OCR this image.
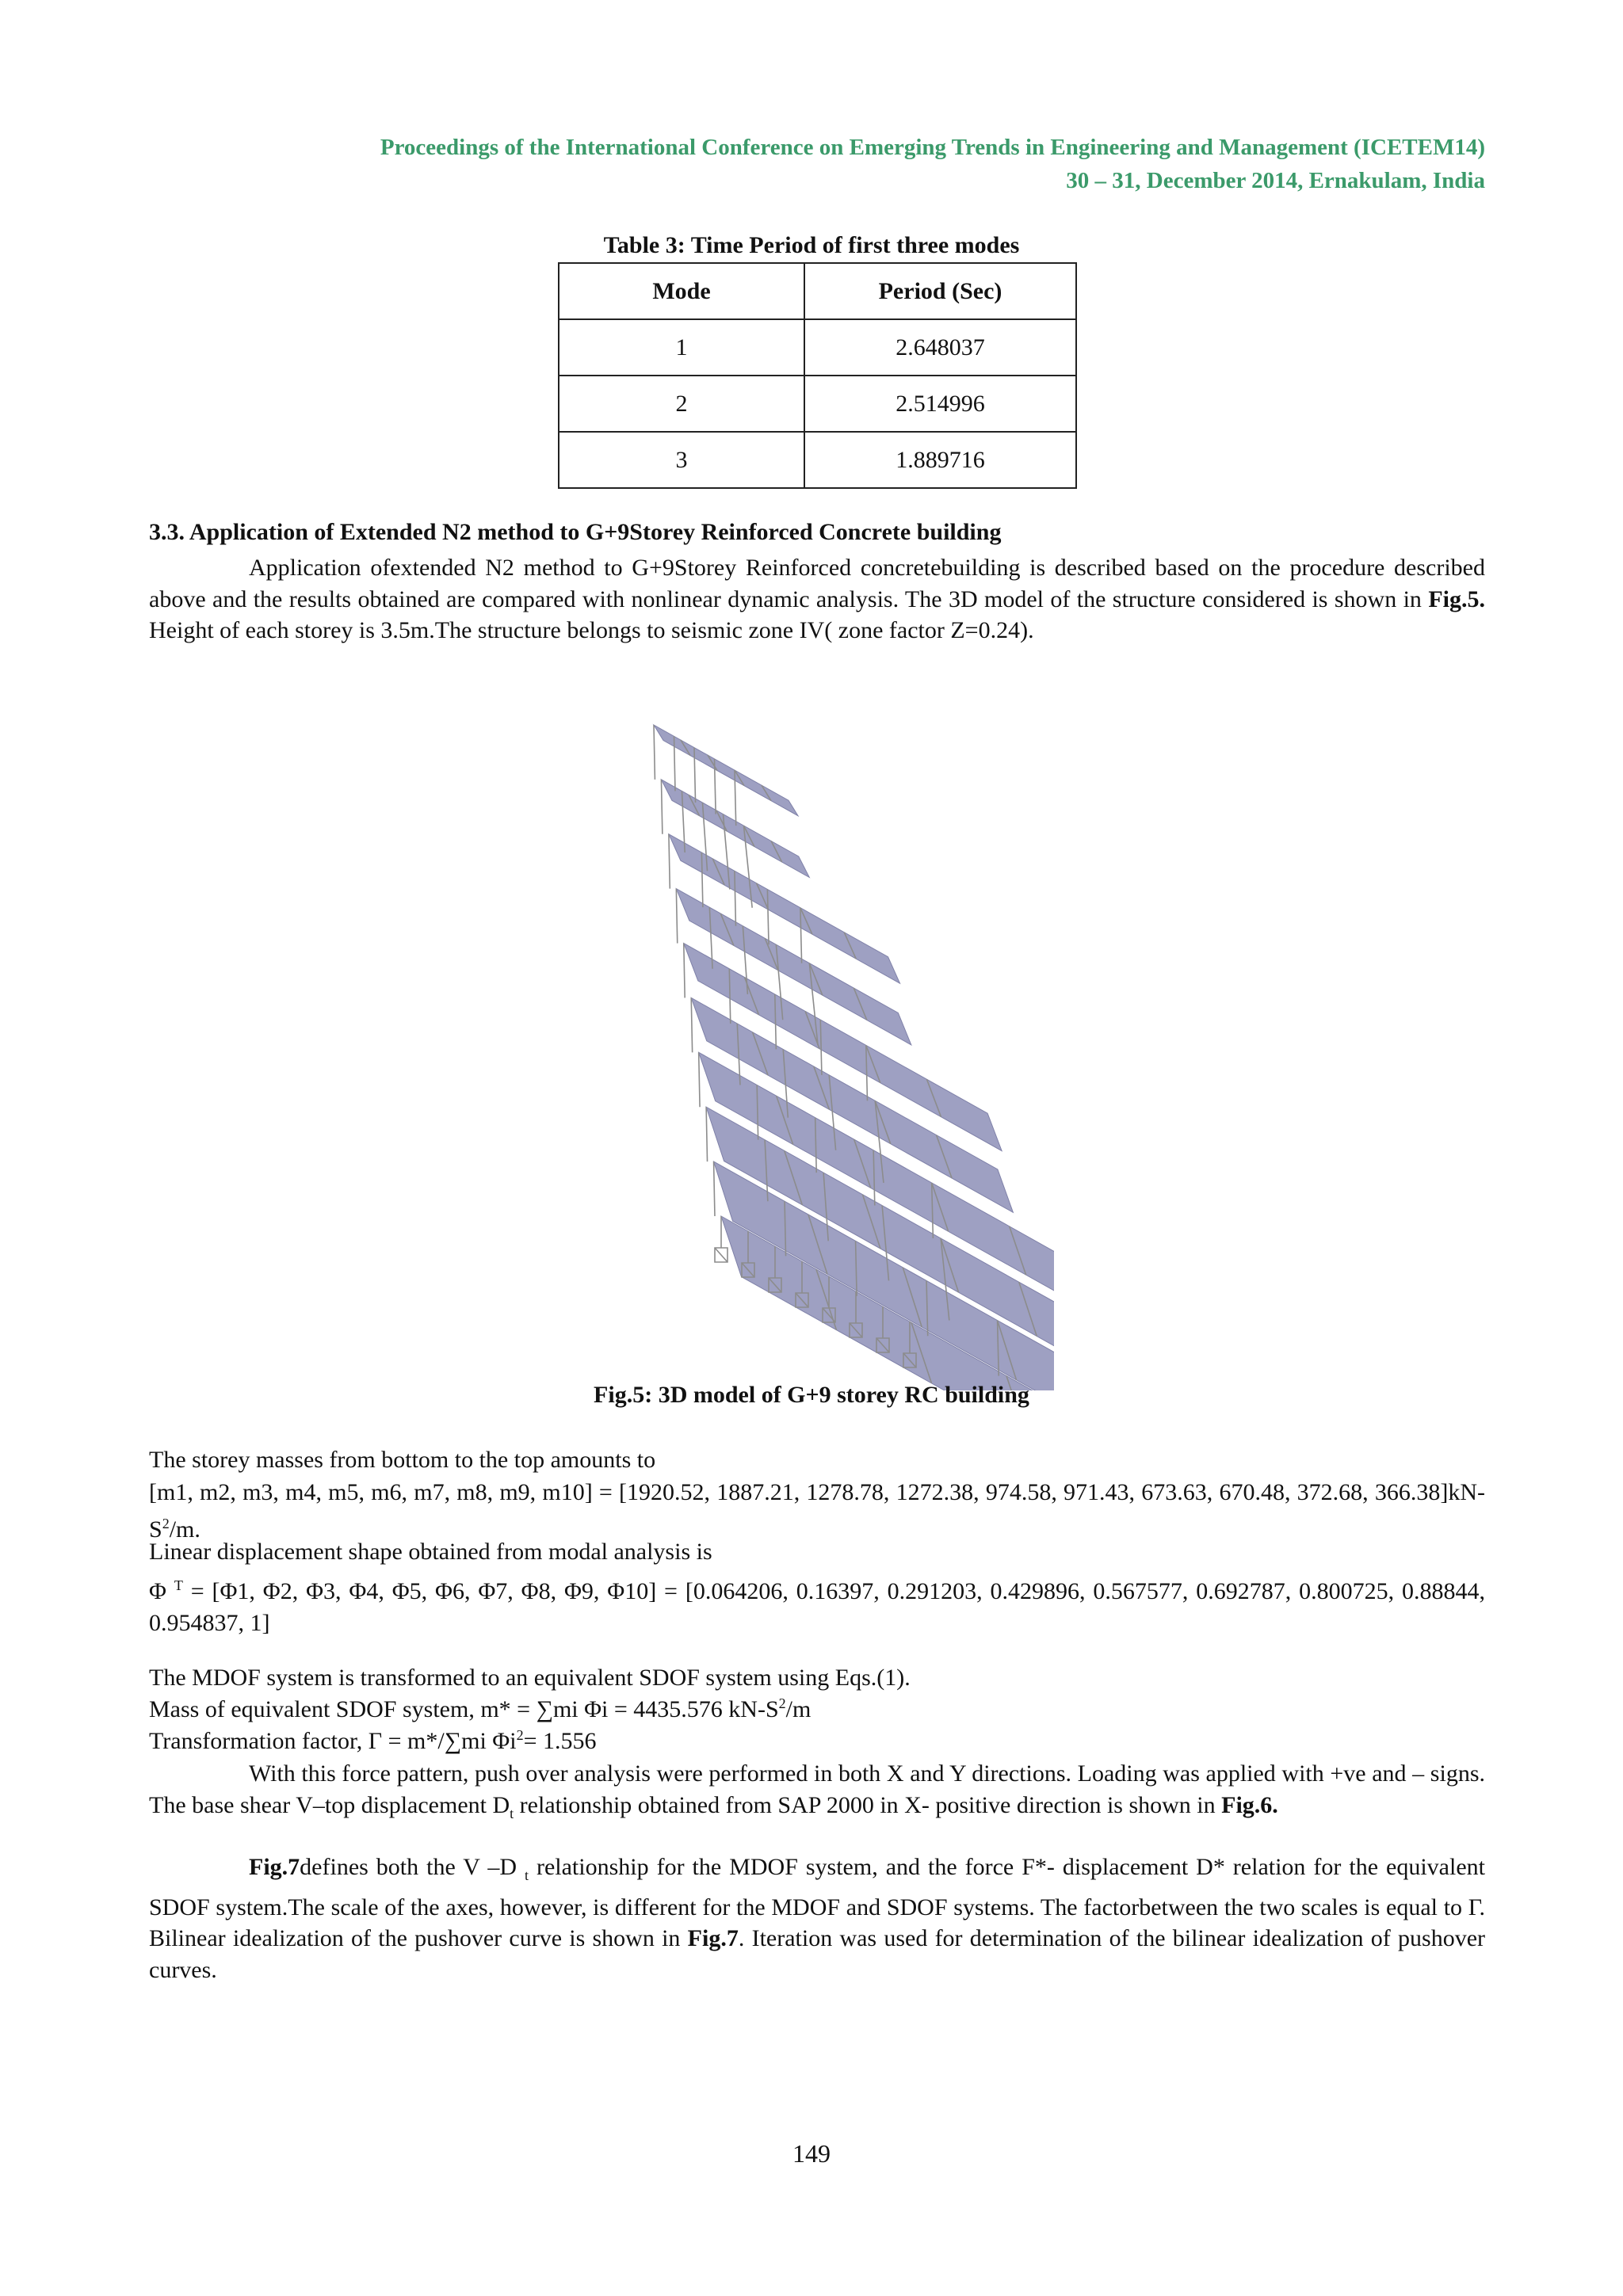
Proceedings of the International Conference on Emerging Trends in Engineering and Management (ICETEM14)
30 – 31, December 2014, Ernakulam, India
Table 3: Time Period of first three modes
Mode	Period (Sec)
1	2.648037
2	2.514996
3	1.889716
3.3. Application of Extended N2 method to G+9Storey Reinforced Concrete building
Application ofextended N2 method to G+9Storey Reinforced concretebuilding is described based on the procedure described above and the results obtained are compared with nonlinear dynamic analysis. The 3D model of the structure considered is shown in Fig.5. Height of each storey is 3.5m.The structure belongs to seismic zone IV( zone factor Z=0.24).
Fig.5: 3D model of G+9 storey RC building
The storey masses from bottom to the top amounts to
[m1, m2, m3, m4, m5, m6, m7, m8, m9, m10] = [1920.52, 1887.21, 1278.78, 1272.38, 974.58, 971.43, 673.63, 670.48, 372.68, $366.38]kN-S^2/m$.
Linear displacement shape obtained from modal analysis is
Φ $^T$ = [Φ1, Φ2, Φ3, Φ4, Φ5, Φ6, Φ7, Φ8, Φ9, Φ10] = [0.064206, 0.16397, 0.291203, 0.429896, 0.567577, 0.692787, 0.800725, 0.88844, 0.954837, 1]
The MDOF system is transformed to an equivalent SDOF system using Eqs.(1).
Mass of equivalent SDOF system, m* = ∑mi Φi = 4435.576 $kN-S^2/m$
Transformation factor, Γ = m*/∑mi $\Phi i^2= 1.556$
With this force pattern, push over analysis were performed in both X and Y directions. Loading was applied with +ve and – signs. The base shear V–top displacement $D_t$ relationship obtained from SAP 2000 in X- positive direction is shown in Fig.6.
Fig.7defines both the V –D $_t$ relationship for the MDOF system, and the force F*- displacement D* relation for the equivalent SDOF system.The scale of the axes, however, is different for the MDOF and SDOF systems. The factorbetween the two scales is equal to Γ. Bilinear idealization of the pushover curve is shown in Fig.7. Iteration was used for determination of the bilinear idealization of pushover curves.
149
